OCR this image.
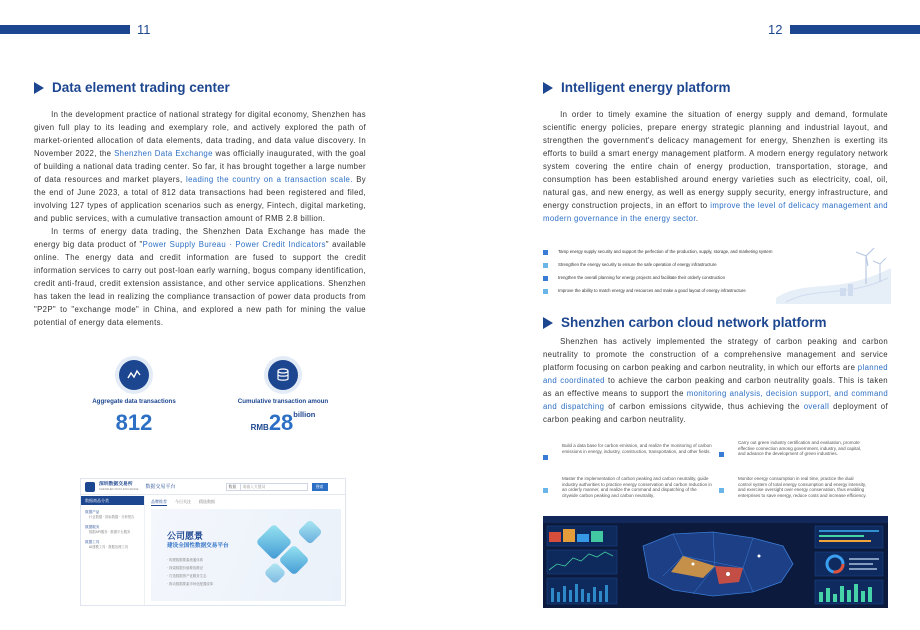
11	12
Data element trading center

In the development practice of national strategy for digital economy, Shenzhen has given full play to its leading and exemplary role, and actively explored the path of market-oriented allocation of data elements, data trading, and data value discovery. In November 2022, the Shenzhen Data Exchange was officially inaugurated, with the goal of building a national data trading center. So far, it has brought together a large number of data resources and market players, leading the country on a transaction scale. By the end of June 2023, a total of 812 data transactions had been registered and filed, involving 127 types of application scenarios such as energy, Fintech, digital marketing, and public services, with a cumulative transaction amount of RMB 2.8 billion.

In terms of energy data trading, the Shenzhen Data Exchange has made the energy big data product of "Power Supply Bureau · Power Credit Indicators" available online. The energy data and credit information are fused to support the credit information services to carry out post-loan early warning, bogus company identification, credit anti-fraud, credit extension assistance, and other service applications. Shenzhen has taken the lead in realizing the compliance transaction of power data products from "P2P" to "exchange mode" in China, and explored a new path for mining the value potential of energy data elements.

Aggregate data transactions
812
Cumulative transaction amoun
$RMB28^{billion}$
深圳数据交易所
SHENZHEN DATA EXCHANGE 数据交易平台	数据	请输入关键词	搜索
数据商品分类
数据产品
行业数据 · 指标数据 · 分析报告
数据服务
数据API服务 · 数据平台服务
数据工具
AI建模工具 · 数据处理工具
品牌推荐 今日关注 精选数据
公司愿景
建设全国性数据交易平台
· 构建数据要素流通体系
· 探索数据价值释放路径
· 打造数据资产化服务生态
· 推动数据要素市场化配置改革
Intelligent energy platform

In order to timely examine the situation of energy supply and demand, formulate scientific energy policies, prepare energy strategic planning and industrial layout, and strengthen the government's delicacy management for energy, Shenzhen is exerting its efforts to build a smart energy management platform. A modern energy regulatory network system covering the entire chain of energy production, transportation, storage, and consumption has been established around energy varieties such as electricity, coal, oil, natural gas, and new energy, as well as energy supply security, energy infrastructure, and energy construction projects, in an effort to improve the level of delicacy management and modern governance in the energy sector.

Tamp energy supply security and support the perfection of the production, supply, storage, and marketing system
Strengthen the energy security to ensure the safe operation of energy infrastructure
trengthen the overall planning for energy projects and facilitate their orderly construction
Improve the ability to match energy and resources and make a good layout of energy infrastructure
Shenzhen carbon cloud network platform

Shenzhen has actively implemented the strategy of carbon peaking and carbon neutrality to promote the construction of a comprehensive management and service platform focusing on carbon peaking and carbon neutrality, in which our efforts are planned and coordinated to achieve the carbon peaking and carbon neutrality goals. This is taken as an effective means to support the monitoring analysis, decision support, and command and dispatching of carbon emissions citywide, thus achieving the overall deployment of carbon peaking and carbon neutrality.

Build a data base for carbon emission, and realize the monitoring of carbon emissions in energy, industry, construction, transportation, and other fields.
Carry out green industry certification and evaluation, promote effective connection among government, industry, and capital, and advance the development of green industries.
Master the implementation of carbon peaking and carbon neutrality, guide industry authorities to practice energy conservation and carbon reduction in an orderly manner, and realize the command and dispatching of the citywide carbon peaking and carbon neutrality.
Monitor energy consumption in real time, practice the dual control system of total energy consumption and energy intensity, and exercise oversight over energy conservation, thus enabling enterprises to save energy, reduce costs and increase efficiency.
